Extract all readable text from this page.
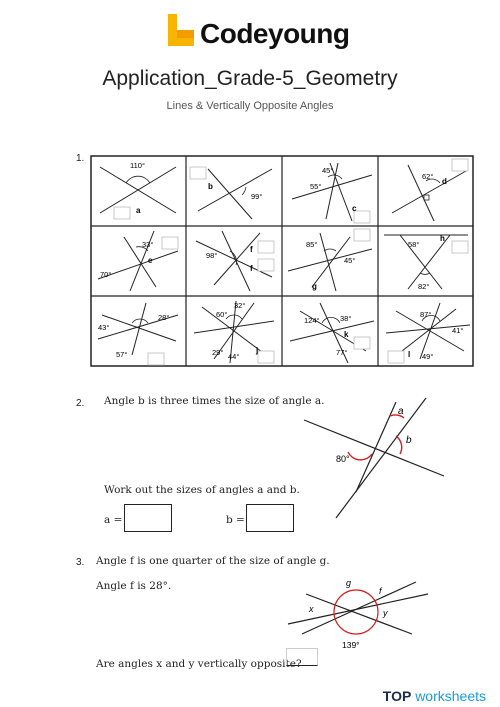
Codeyoung
Application_Grade-5_Geometry
Lines & Vertically Opposite Angles
1.
110°
a
b
99°
45°
55°
c
62°
d
33°
e
70°
98°
f
f
85°
45°
g
h
58°
82°
28°
43°
57°
32°
60°
29° 44°
j
124°	38°
k
77°
87°
41°
l 49°
2. Angle b is three times the size of angle a.
a
b
80°
Work out the sizes of angles a and b.
a =	b =
3. Angle f is one quarter of the size of angle g.
Angle f is 28°.	g
f
x	y
139°
Are angles x and y vertically opposite?
TOP worksheets
